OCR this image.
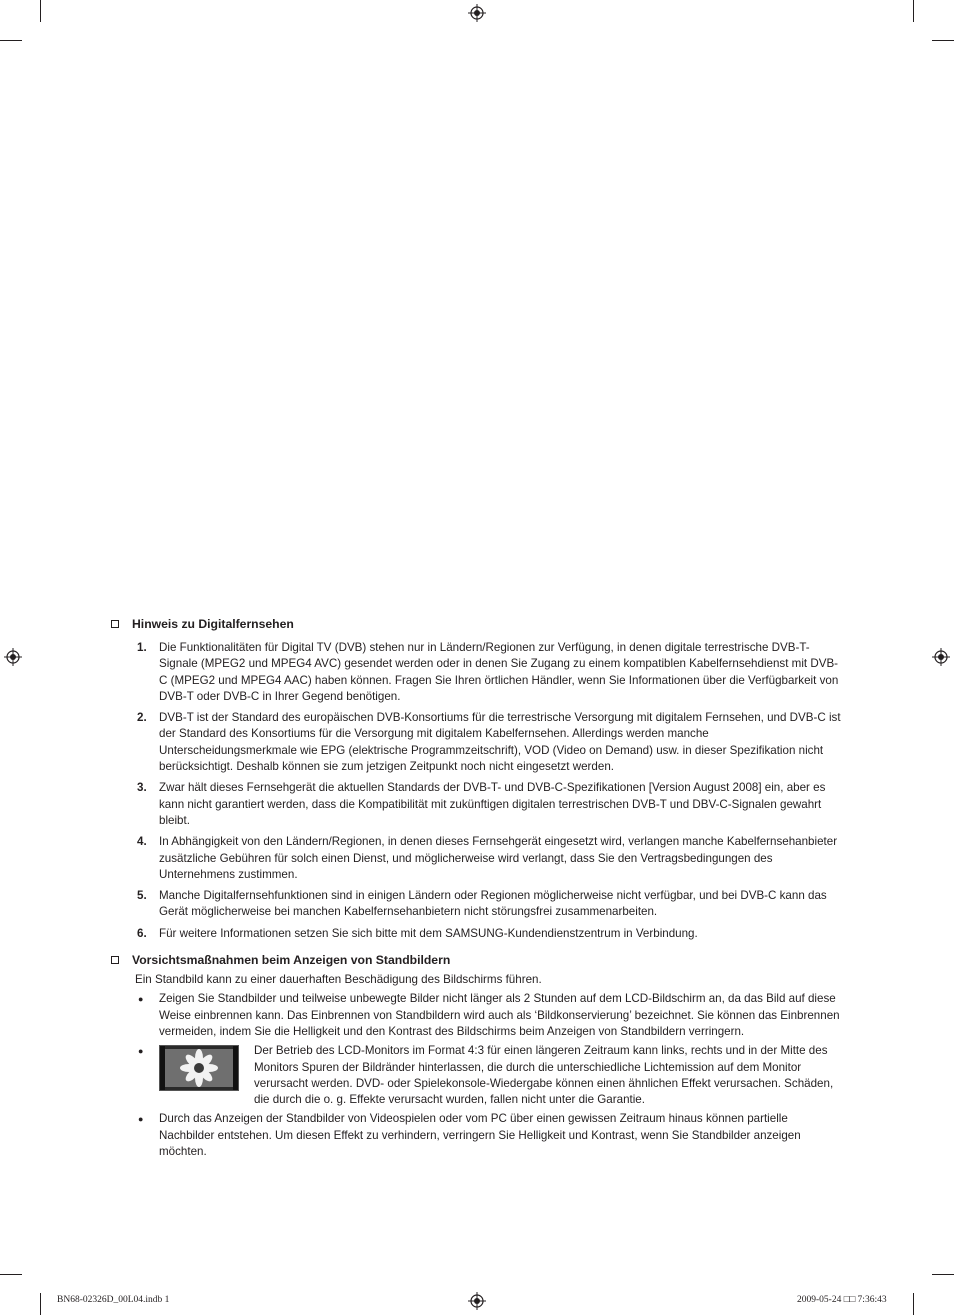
Hinweis zu Digitalfernsehen
1.	Die Funktionalitäten für Digital TV (DVB) stehen nur in Ländern/Regionen zur Verfügung, in denen digitale terrestrische DVB-T-Signale (MPEG2 und MPEG4 AVC) gesendet werden oder in denen Sie Zugang zu einem kompatiblen Kabelfernsehdienst mit DVB-C (MPEG2 und MPEG4 AAC) haben können. Fragen Sie Ihren örtlichen Händler, wenn Sie Informationen über die Verfügbarkeit von DVB-T oder DVB-C in Ihrer Gegend benötigen.
2.	DVB-T ist der Standard des europäischen DVB-Konsortiums für die terrestrische Versorgung mit digitalem Fernsehen, und DVB-C ist der Standard des Konsortiums für die Versorgung mit digitalem Kabelfernsehen. Allerdings werden manche Unterscheidungsmerkmale wie EPG (elektrische Programmzeitschrift), VOD (Video on Demand) usw. in dieser Spezifikation nicht berücksichtigt. Deshalb können sie zum jetzigen Zeitpunkt noch nicht eingesetzt werden.
3.	Zwar hält dieses Fernsehgerät die aktuellen Standards der DVB-T- und DVB-C-Spezifikationen [Version August 2008] ein, aber es kann nicht garantiert werden, dass die Kompatibilität mit zukünftigen digitalen terrestrischen DVB-T und DBV-C-Signalen gewahrt bleibt.
4.	In Abhängigkeit von den Ländern/Regionen, in denen dieses Fernsehgerät eingesetzt wird, verlangen manche Kabelfernsehanbieter zusätzliche Gebühren für solch einen Dienst, und möglicherweise wird verlangt, dass Sie den Vertragsbedingungen des Unternehmens zustimmen.
5.	Manche Digitalfernsehfunktionen sind in einigen Ländern oder Regionen möglicherweise nicht verfügbar, und bei DVB-C kann das Gerät möglicherweise bei manchen Kabelfernsehanbietern nicht störungsfrei zusammenarbeiten.
6.	Für weitere Informationen setzen Sie sich bitte mit dem SAMSUNG-Kundendienstzentrum in Verbindung.
Vorsichtsmaßnahmen beim Anzeigen von Standbildern
Ein Standbild kann zu einer dauerhaften Beschädigung des Bildschirms führen.
●	Zeigen Sie Standbilder und teilweise unbewegte Bilder nicht länger als 2 Stunden auf dem LCD-Bildschirm an, da das Bild auf diese Weise einbrennen kann. Das Einbrennen von Standbildern wird auch als ‘Bildkonservierung’ bezeichnet. Sie können das Einbrennen vermeiden, indem Sie die Helligkeit und den Kontrast des Bildschirms beim Anzeigen von Standbildern verringern.
●	Der Betrieb des LCD-Monitors im Format 4:3 für einen längeren Zeitraum kann links, rechts und in der Mitte des Monitors Spuren der Bildränder hinterlassen, die durch die unterschiedliche Lichtemission auf dem Monitor verursacht werden. DVD- oder Spielekonsole-Wiedergabe können einen ähnlichen Effekt verursachen. Schäden, die durch die o. g. Effekte verursacht wurden, fallen nicht unter die Garantie.
●	Durch das Anzeigen der Standbilder von Videospielen oder vom PC über einen gewissen Zeitraum hinaus können partielle Nachbilder entstehen. Um diesen Effekt zu verhindern, verringern Sie Helligkeit und Kontrast, wenn Sie Standbilder anzeigen möchten.
BN68-02326D_00L04.indb 1	2009-05-24 □□ 7:36:43
